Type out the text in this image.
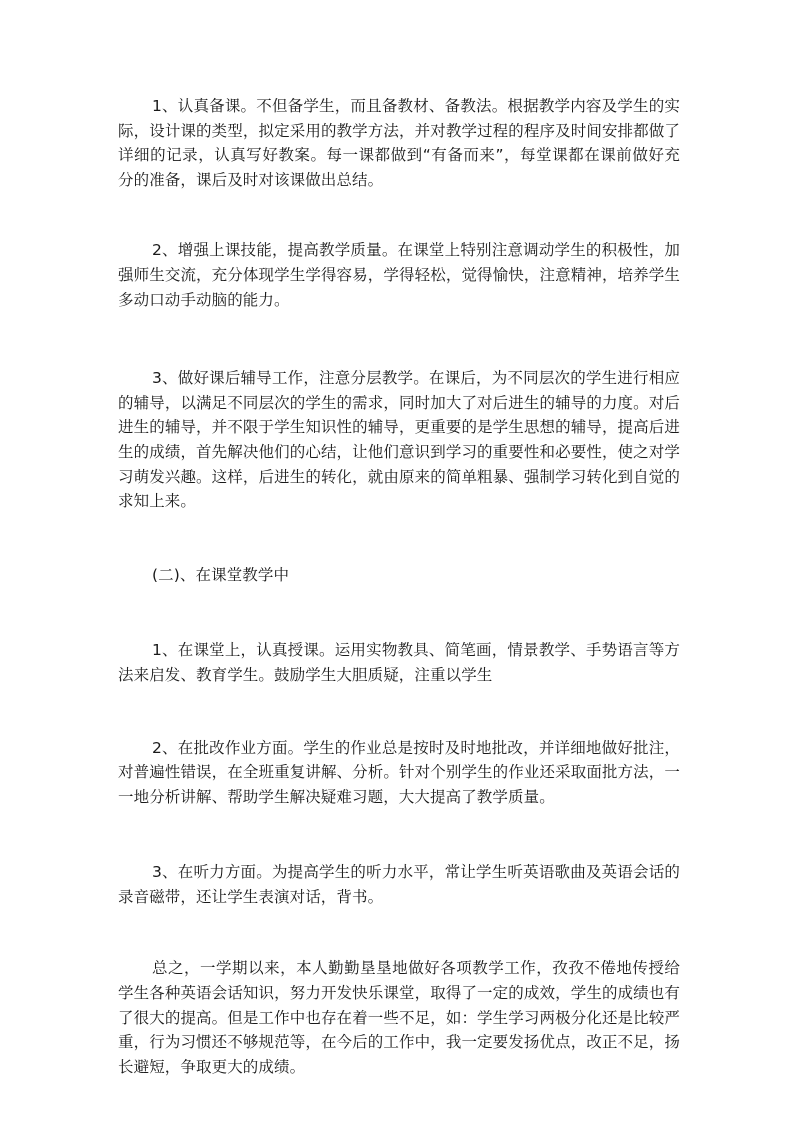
1、认真备课。不但备学生，而且备教材、备教法。根据教学内容及学生的实际，设计课的类型，拟定采用的教学方法，并对教学过程的程序及时间安排都做了详细的记录，认真写好教案。每一课都做到“有备而来”，每堂课都在课前做好充分的准备，课后及时对该课做出总结。

2、增强上课技能，提高教学质量。在课堂上特别注意调动学生的积极性，加强师生交流，充分体现学生学得容易，学得轻松，觉得愉快，注意精神，培养学生多动口动手动脑的能力。

3、做好课后辅导工作，注意分层教学。在课后，为不同层次的学生进行相应的辅导，以满足不同层次的学生的需求，同时加大了对后进生的辅导的力度。对后进生的辅导，并不限于学生知识性的辅导，更重要的是学生思想的辅导，提高后进生的成绩，首先解决他们的心结，让他们意识到学习的重要性和必要性，使之对学习萌发兴趣。这样，后进生的转化，就由原来的简单粗暴、强制学习转化到自觉的求知上来。

(二)、在课堂教学中

1、在课堂上，认真授课。运用实物教具、简笔画，情景教学、手势语言等方法来启发、教育学生。鼓励学生大胆质疑，注重以学生

2、在批改作业方面。学生的作业总是按时及时地批改，并详细地做好批注，对普遍性错误，在全班重复讲解、分析。针对个别学生的作业还采取面批方法，一一地分析讲解、帮助学生解决疑难习题，大大提高了教学质量。

3、在听力方面。为提高学生的听力水平，常让学生听英语歌曲及英语会话的录音磁带，还让学生表演对话，背书。

总之，一学期以来，本人勤勤垦垦地做好各项教学工作，孜孜不倦地传授给学生各种英语会话知识，努力开发快乐课堂，取得了一定的成效，学生的成绩也有了很大的提高。但是工作中也存在着一些不足，如：学生学习两极分化还是比较严重，行为习惯还不够规范等，在今后的工作中，我一定要发扬优点，改正不足，扬长避短，争取更大的成绩。
